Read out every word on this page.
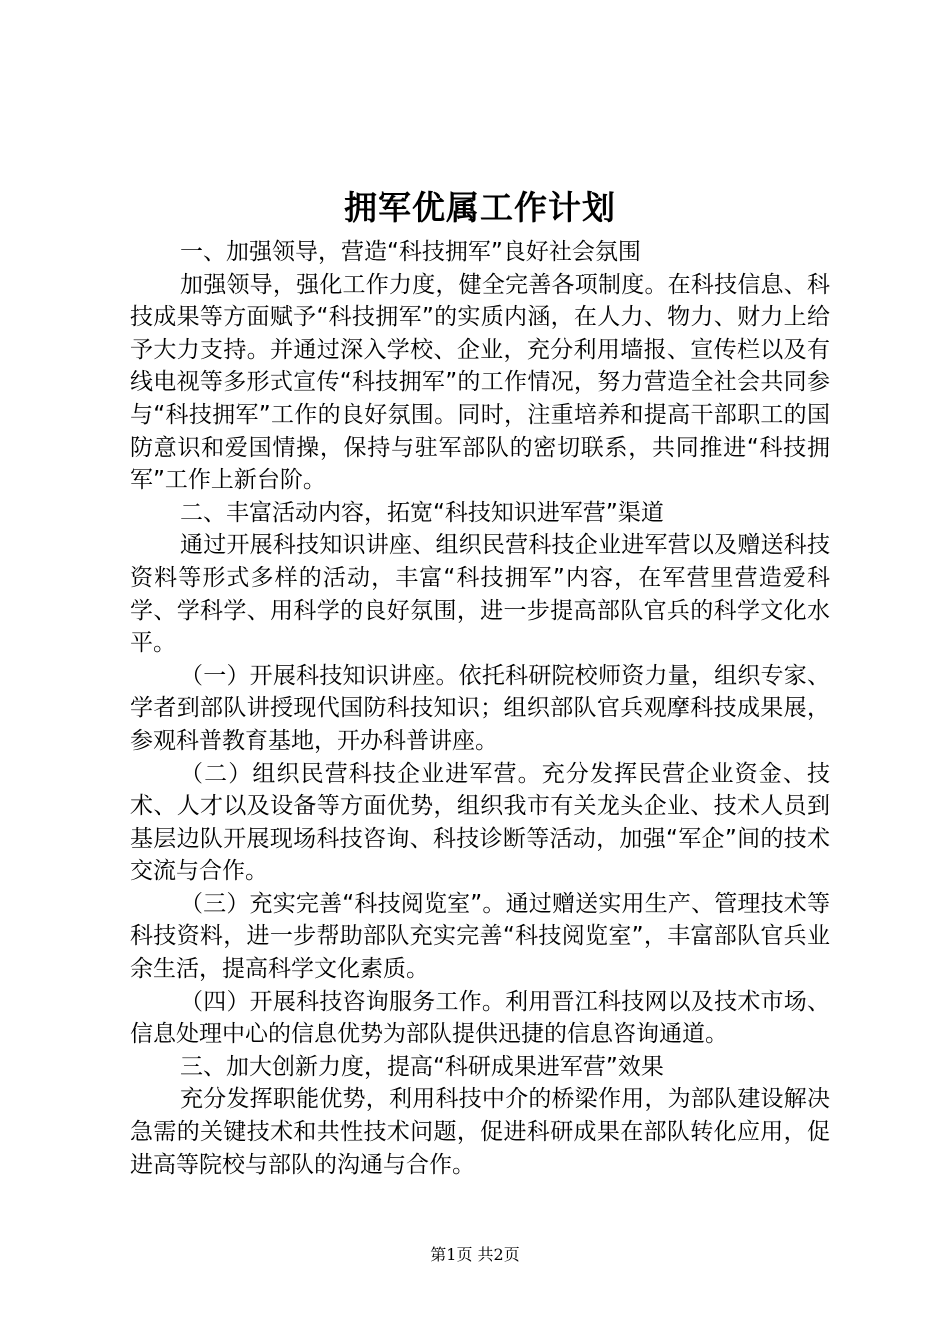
拥军优属工作计划

一、加强领导，营造“科技拥军”良好社会氛围

加强领导，强化工作力度，健全完善各项制度。在科技信息、科技成果等方面赋予“科技拥军”的实质内涵，在人力、物力、财力上给予大力支持。并通过深入学校、企业，充分利用墙报、宣传栏以及有线电视等多形式宣传“科技拥军”的工作情况，努力营造全社会共同参与“科技拥军”工作的良好氛围。同时，注重培养和提高干部职工的国防意识和爱国情操，保持与驻军部队的密切联系，共同推进“科技拥军”工作上新台阶。

二、丰富活动内容，拓宽“科技知识进军营”渠道

通过开展科技知识讲座、组织民营科技企业进军营以及赠送科技资料等形式多样的活动，丰富“科技拥军”内容，在军营里营造爱科学、学科学、用科学的良好氛围，进一步提高部队官兵的科学文化水平。

（一）开展科技知识讲座。依托科研院校师资力量，组织专家、学者到部队讲授现代国防科技知识；组织部队官兵观摩科技成果展，参观科普教育基地，开办科普讲座。

（二）组织民营科技企业进军营。充分发挥民营企业资金、技术、人才以及设备等方面优势，组织我市有关龙头企业、技术人员到基层边队开展现场科技咨询、科技诊断等活动，加强“军企”间的技术交流与合作。

（三）充实完善“科技阅览室”。通过赠送实用生产、管理技术等科技资料，进一步帮助部队充实完善“科技阅览室”，丰富部队官兵业余生活，提高科学文化素质。

（四）开展科技咨询服务工作。利用晋江科技网以及技术市场、信息处理中心的信息优势为部队提供迅捷的信息咨询通道。

三、加大创新力度，提高“科研成果进军营”效果

充分发挥职能优势，利用科技中介的桥梁作用，为部队建设解决急需的关键技术和共性技术问题，促进科研成果在部队转化应用，促进高等院校与部队的沟通与合作。

第1页 共2页
